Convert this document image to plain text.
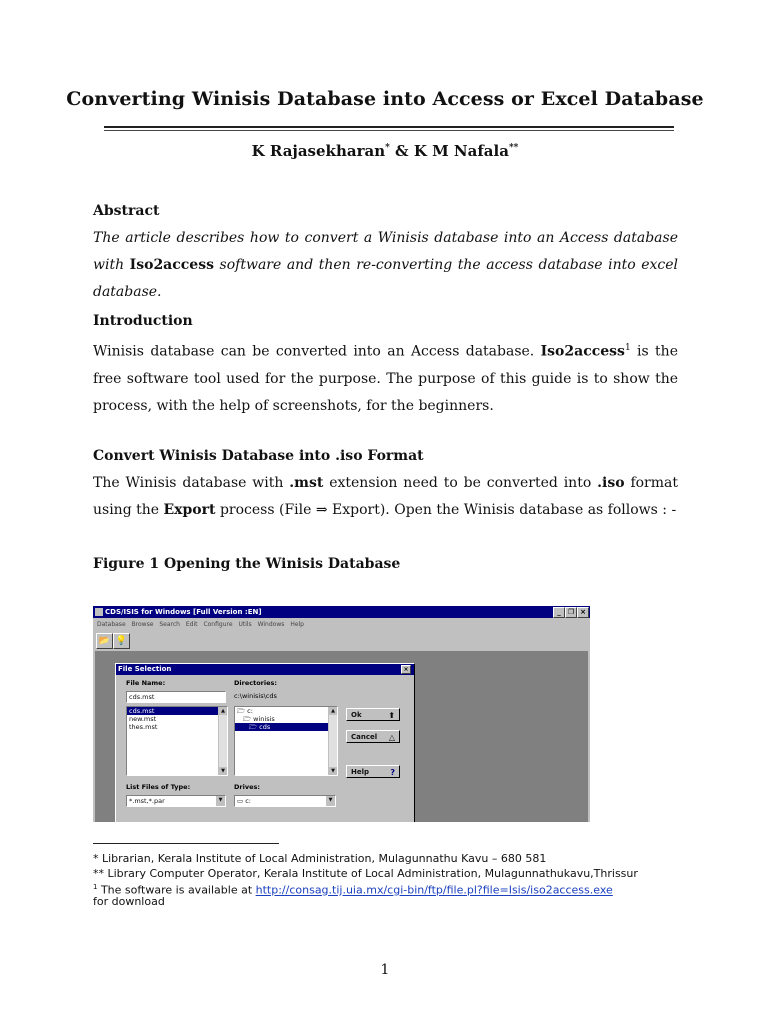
Converting Winisis Database into Access or Excel Database
K Rajasekharan* & K M Nafala**
Abstract
The article describes how to convert a Winisis database into an Access database with Iso2access software and then re-converting the access database into excel database.
Introduction
Winisis database can be converted into an Access database. Iso2access$^1$ is the free software tool used for the purpose. The purpose of this guide is to show the process, with the help of screenshots, for the beginners.
Convert Winisis Database into .iso Format
The Winisis database with .mst extension need to be converted into .iso format using the Export process (File ⇒ Export). Open the Winisis database as follows : -
Figure 1 Opening the Winisis Database
CDS/ISIS for Windows [Full Version :EN]	_	❐ ×
Database Browse Search Edit Configure Utils Windows Help
📂 💡
File Selection	×
File Name:
cds.mst
cds.mst
new.mst
thes.mst
▲
▼
Directories:
c:\winisis\cds
🗁 c:
🗁 winisis
🗁 cds
▲
▼
Ok	⬆
Cancel △
Help	?
List Files of Type:
*.mst,*.par	▼
Drives:
▭ c:	▼
* Librarian, Kerala Institute of Local Administration, Mulagunnathu Kavu – 680 581
** Library Computer Operator, Kerala Institute of Local Administration, Mulagunnathukavu,Thrissur
$^1$ The software is available at http://consag.tij.uia.mx/cgi-bin/ftp/file.pl?file=Isis/iso2access.exe
for download
1
